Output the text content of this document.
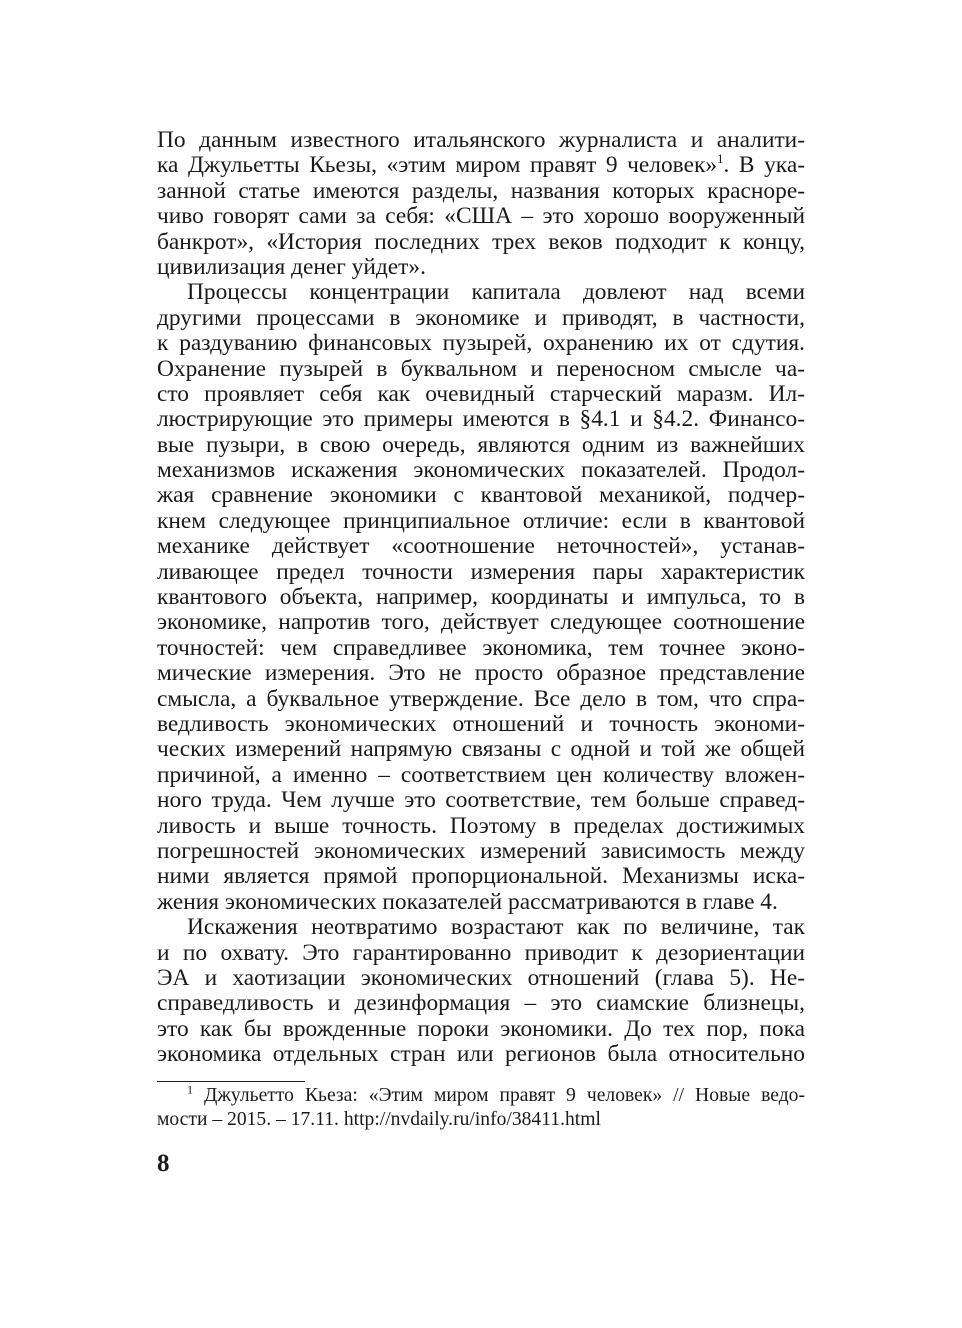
По данным известного итальянского журналиста и аналити-
ка Джульетты Кьезы, «этим миром правят 9 человек»$^1$. В ука-
занной статье имеются разделы, названия которых красноре-
чиво говорят сами за себя: «США – это хорошо вооруженный
банкрот», «История последних трех веков подходит к концу,
цивилизация денег уйдет».
Процессы концентрации капитала довлеют над всеми
другими процессами в экономике и приводят, в частности,
к раздуванию финансовых пузырей, охранению их от сдутия.
Охранение пузырей в буквальном и переносном смысле ча-
сто проявляет себя как очевидный старческий маразм. Ил-
люстрирующие это примеры имеются в §4.1 и §4.2. Финансо-
вые пузыри, в свою очередь, являются одним из важнейших
механизмов искажения экономических показателей. Продол-
жая сравнение экономики с квантовой механикой, подчер-
кнем следующее принципиальное отличие: если в квантовой
механике действует «соотношение неточностей», устанав-
ливающее предел точности измерения пары характеристик
квантового объекта, например, координаты и импульса, то в
экономике, напротив того, действует следующее соотношение
точностей: чем справедливее экономика, тем точнее эконо-
мические измерения. Это не просто образное представление
смысла, а буквальное утверждение. Все дело в том, что спра-
ведливость экономических отношений и точность экономи-
ческих измерений напрямую связаны с одной и той же общей
причиной, а именно – соответствием цен количеству вложен-
ного труда. Чем лучше это соответствие, тем больше справед-
ливость и выше точность. Поэтому в пределах достижимых
погрешностей экономических измерений зависимость между
ними является прямой пропорциональной. Механизмы иска-
жения экономических показателей рассматриваются в главе 4.
Искажения неотвратимо возрастают как по величине, так
и по охвату. Это гарантированно приводит к дезориентации
ЭА и хаотизации экономических отношений (глава 5). Не-
справедливость и дезинформация – это сиамские близнецы,
это как бы врожденные пороки экономики. До тех пор, пока
экономика отдельных стран или регионов была относительно
$^1$ Джульетто Кьеза: «Этим миром правят 9 человек» // Новые ведо-
мости – 2015. – 17.11. http://nvdaily.ru/info/38411.html
8
